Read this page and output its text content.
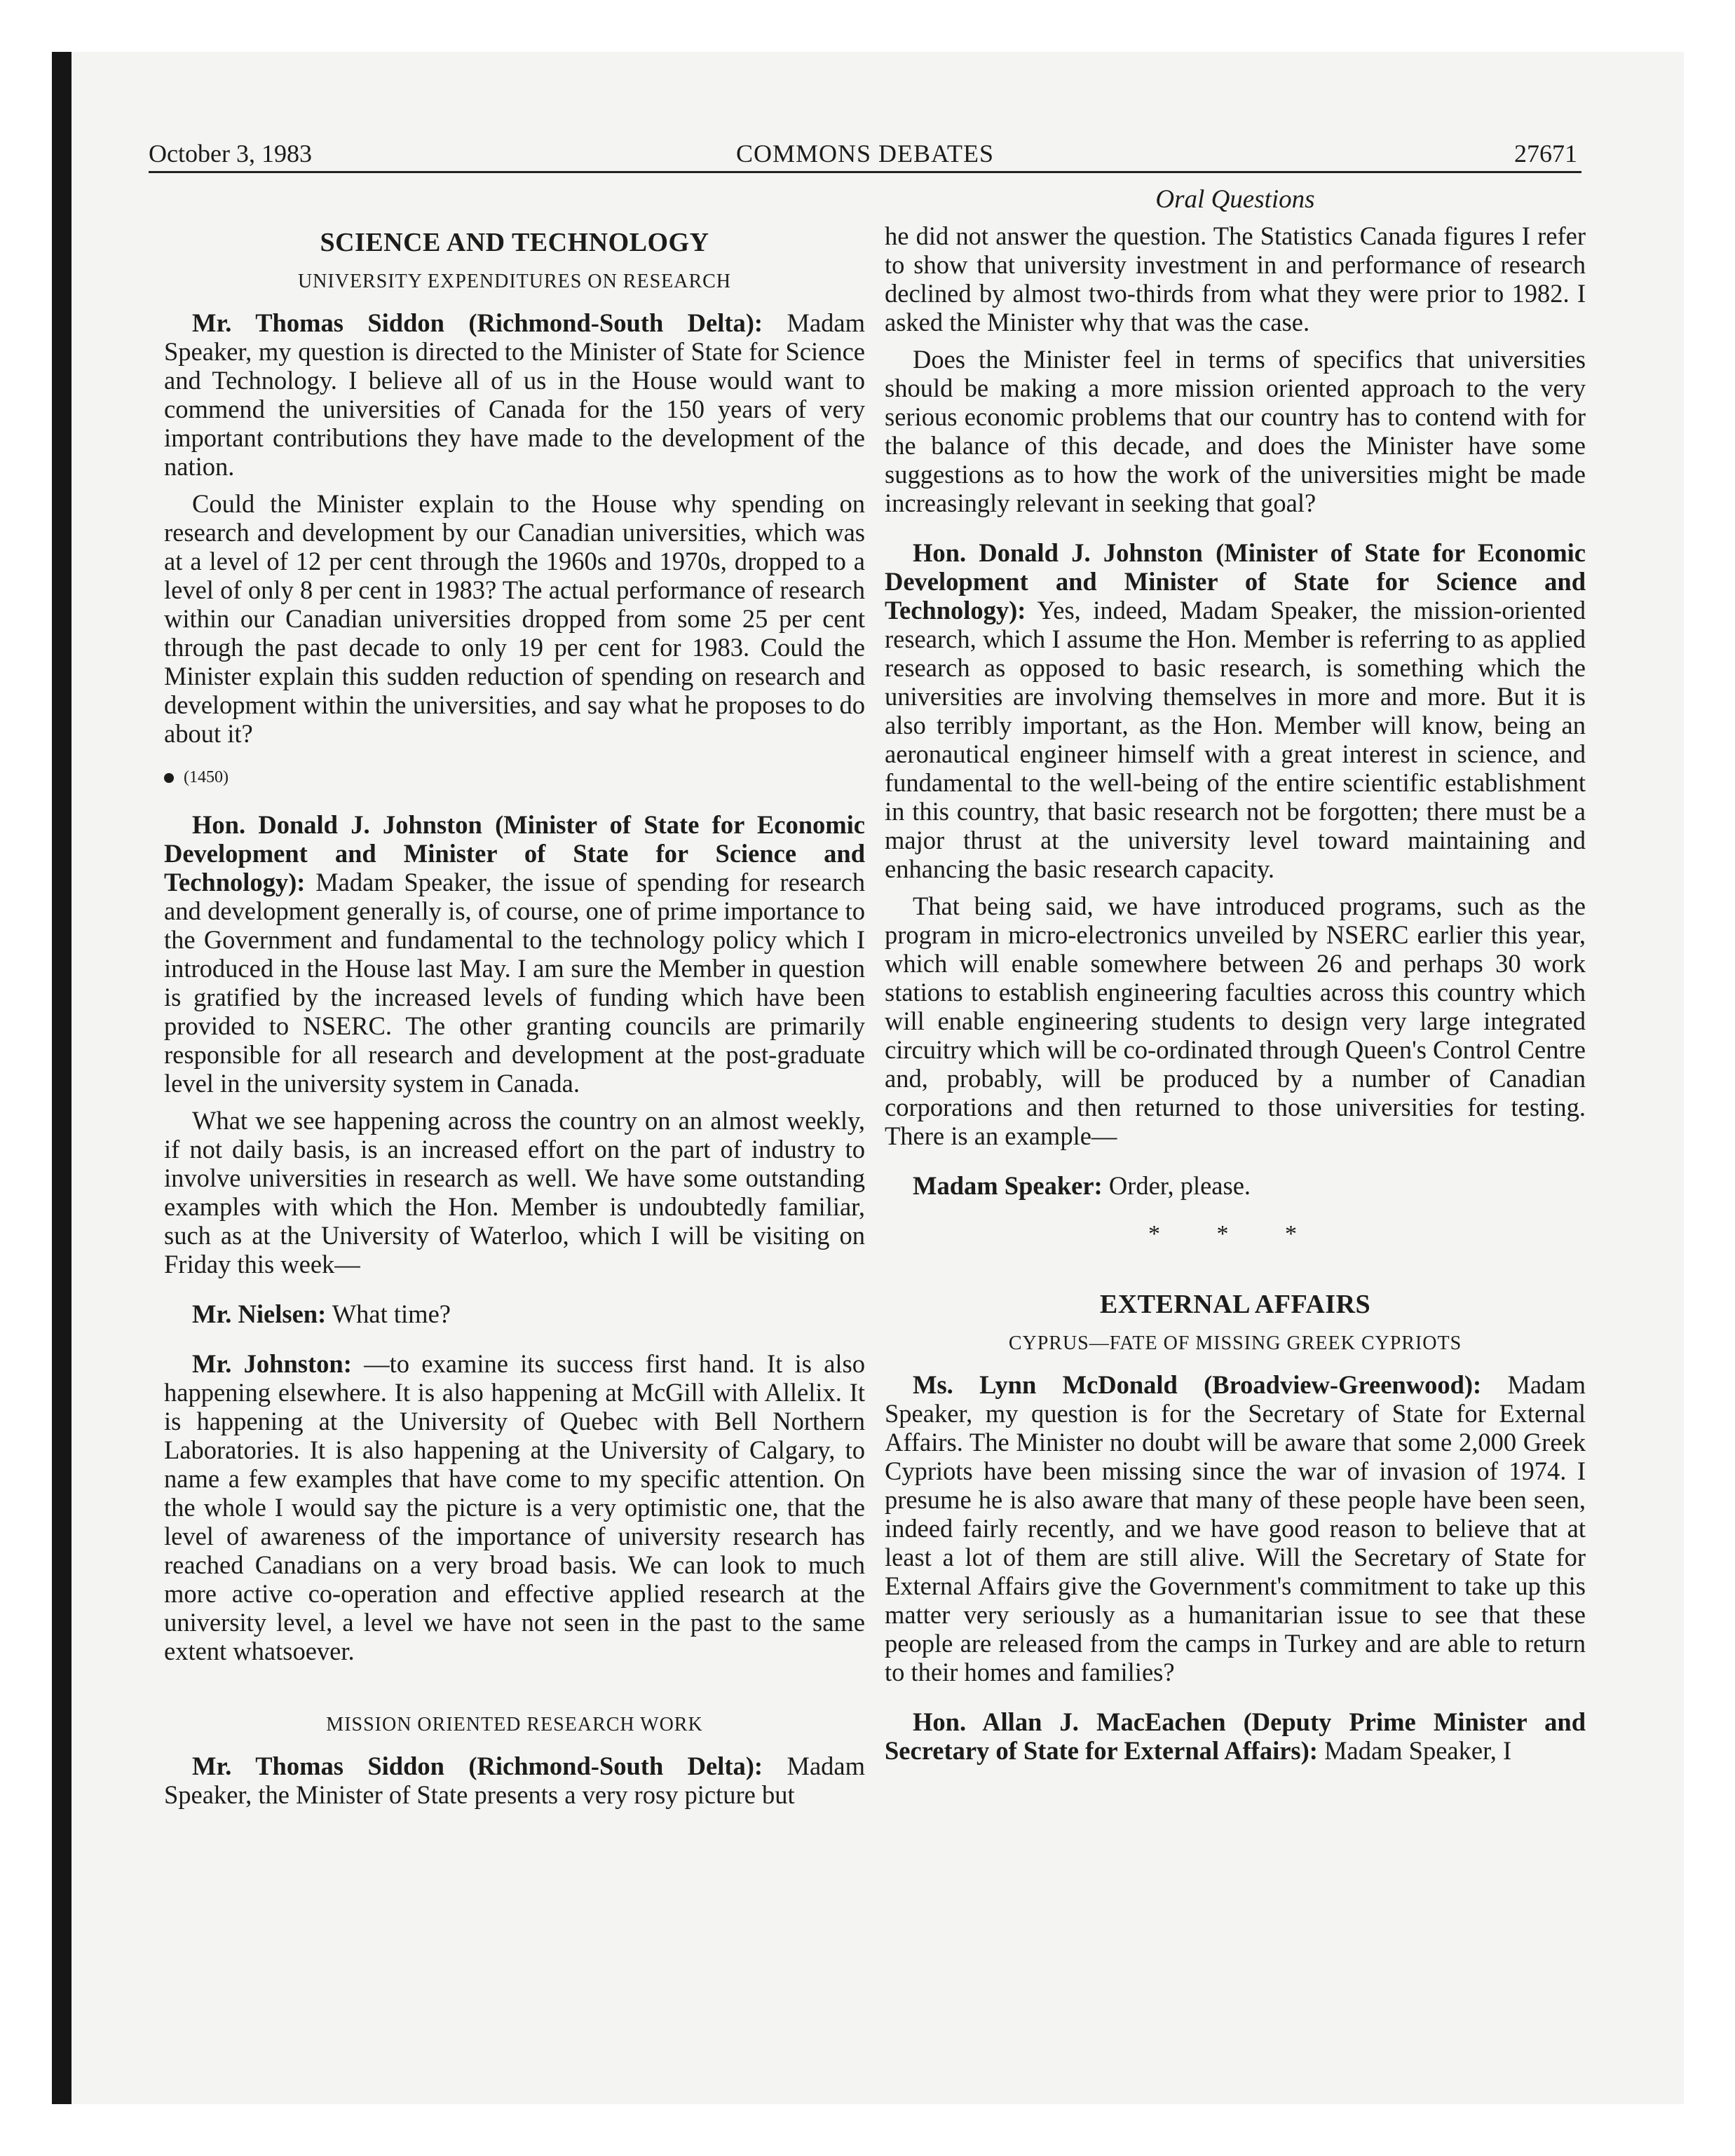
October 3, 1983	COMMONS DEBATES	27671
SCIENCE AND TECHNOLOGY
UNIVERSITY EXPENDITURES ON RESEARCH

Mr. Thomas Siddon (Richmond-South Delta): Madam Speaker, my question is directed to the Minister of State for Science and Technology. I believe all of us in the House would want to commend the universities of Canada for the 150 years of very important contributions they have made to the development of the nation.

Could the Minister explain to the House why spending on research and development by our Canadian universities, which was at a level of 12 per cent through the 1960s and 1970s, dropped to a level of only 8 per cent in 1983? The actual performance of research within our Canadian universities dropped from some 25 per cent through the past decade to only 19 per cent for 1983. Could the Minister explain this sudden reduction of spending on research and development within the universities, and say what he proposes to do about it?

(1450)

Hon. Donald J. Johnston (Minister of State for Economic Development and Minister of State for Science and Technology): Madam Speaker, the issue of spending for research and development generally is, of course, one of prime importance to the Government and fundamental to the technology policy which I introduced in the House last May. I am sure the Member in question is gratified by the increased levels of funding which have been provided to NSERC. The other granting councils are primarily responsible for all research and development at the post-graduate level in the university system in Canada.

What we see happening across the country on an almost weekly, if not daily basis, is an increased effort on the part of industry to involve universities in research as well. We have some outstanding examples with which the Hon. Member is undoubtedly familiar, such as at the University of Waterloo, which I will be visiting on Friday this week—

Mr. Nielsen: What time?

Mr. Johnston: —to examine its success first hand. It is also happening elsewhere. It is also happening at McGill with Allelix. It is happening at the University of Quebec with Bell Northern Laboratories. It is also happening at the University of Calgary, to name a few examples that have come to my specific attention. On the whole I would say the picture is a very optimistic one, that the level of awareness of the importance of university research has reached Canadians on a very broad basis. We can look to much more active co-operation and effective applied research at the university level, a level we have not seen in the past to the same extent whatsoever.

MISSION ORIENTED RESEARCH WORK

Mr. Thomas Siddon (Richmond-South Delta): Madam Speaker, the Minister of State presents a very rosy picture but

Oral Questions

he did not answer the question. The Statistics Canada figures I refer to show that university investment in and performance of research declined by almost two-thirds from what they were prior to 1982. I asked the Minister why that was the case.

Does the Minister feel in terms of specifics that universities should be making a more mission oriented approach to the very serious economic problems that our country has to contend with for the balance of this decade, and does the Minister have some suggestions as to how the work of the universities might be made increasingly relevant in seeking that goal?

Hon. Donald J. Johnston (Minister of State for Economic Development and Minister of State for Science and Technology): Yes, indeed, Madam Speaker, the mission-oriented research, which I assume the Hon. Member is referring to as applied research as opposed to basic research, is something which the universities are involving themselves in more and more. But it is also terribly important, as the Hon. Member will know, being an aeronautical engineer himself with a great interest in science, and fundamental to the well-being of the entire scientific establishment in this country, that basic research not be forgotten; there must be a major thrust at the university level toward maintaining and enhancing the basic research capacity.

That being said, we have introduced programs, such as the program in micro-electronics unveiled by NSERC earlier this year, which will enable somewhere between 26 and perhaps 30 work stations to establish engineering faculties across this country which will enable engineering students to design very large integrated circuitry which will be co-ordinated through Queen's Control Centre and, probably, will be produced by a number of Canadian corporations and then returned to those universities for testing. There is an example—

Madam Speaker: Order, please.

* * *
EXTERNAL AFFAIRS
CYPRUS—FATE OF MISSING GREEK CYPRIOTS

Ms. Lynn McDonald (Broadview-Greenwood): Madam Speaker, my question is for the Secretary of State for External Affairs. The Minister no doubt will be aware that some 2,000 Greek Cypriots have been missing since the war of invasion of 1974. I presume he is also aware that many of these people have been seen, indeed fairly recently, and we have good reason to believe that at least a lot of them are still alive. Will the Secretary of State for External Affairs give the Government's commitment to take up this matter very seriously as a humanitarian issue to see that these people are released from the camps in Turkey and are able to return to their homes and families?

Hon. Allan J. MacEachen (Deputy Prime Minister and Secretary of State for External Affairs): Madam Speaker, I
